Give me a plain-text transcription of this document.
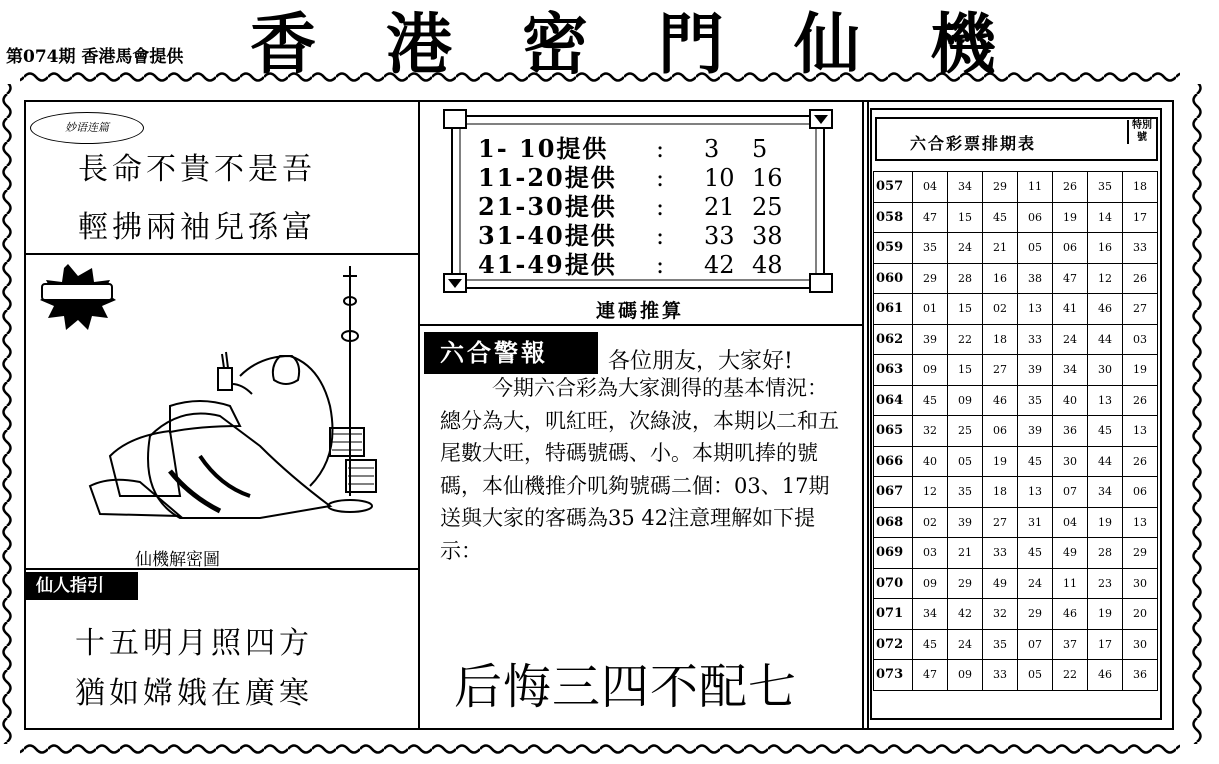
第074期 香港馬會提供 香港密門仙機
妙语连篇
長命不貴不是吾
輕拂兩袖兒孫富
仙機解密圖
仙人指引
十五明月照四方
猶如嫦娥在廣寒
1- 10提供 : 3 5
11-20提供 : 10 16
21-30提供 : 21 25
31-40提供 : 33 38
41-49提供 : 42 48
連碼推算
六合警報	各位朋友，大家好!

今期六合彩為大家測得的基本情況：總分為大，叽紅旺，次綠波，本期以二和五尾數大旺，特碼號碼、小。本期叽捧的號碼，本仙機推介叽夠號碼二個：03、17期送與大家的客碼為35 42注意理解如下提示：

后悔三四不配七
六合彩票排期表
特別號
057	04	34	29	11	26	35	18
058	47	15	45	06	19	14	17
059	35	24	21	05	06	16	33
060	29	28	16	38	47	12	26
061	01	15	02	13	41	46	27
062	39	22	18	33	24	44	03
063	09	15	27	39	34	30	19
064	45	09	46	35	40	13	26
065	32	25	06	39	36	45	13
066	40	05	19	45	30	44	26
067	12	35	18	13	07	34	06
068	02	39	27	31	04	19	13
069	03	21	33	45	49	28	29
070	09	29	49	24	11	23	30
071	34	42	32	29	46	19	20
072	45	24	35	07	37	17	30
073	47	09	33	05	22	46	36
